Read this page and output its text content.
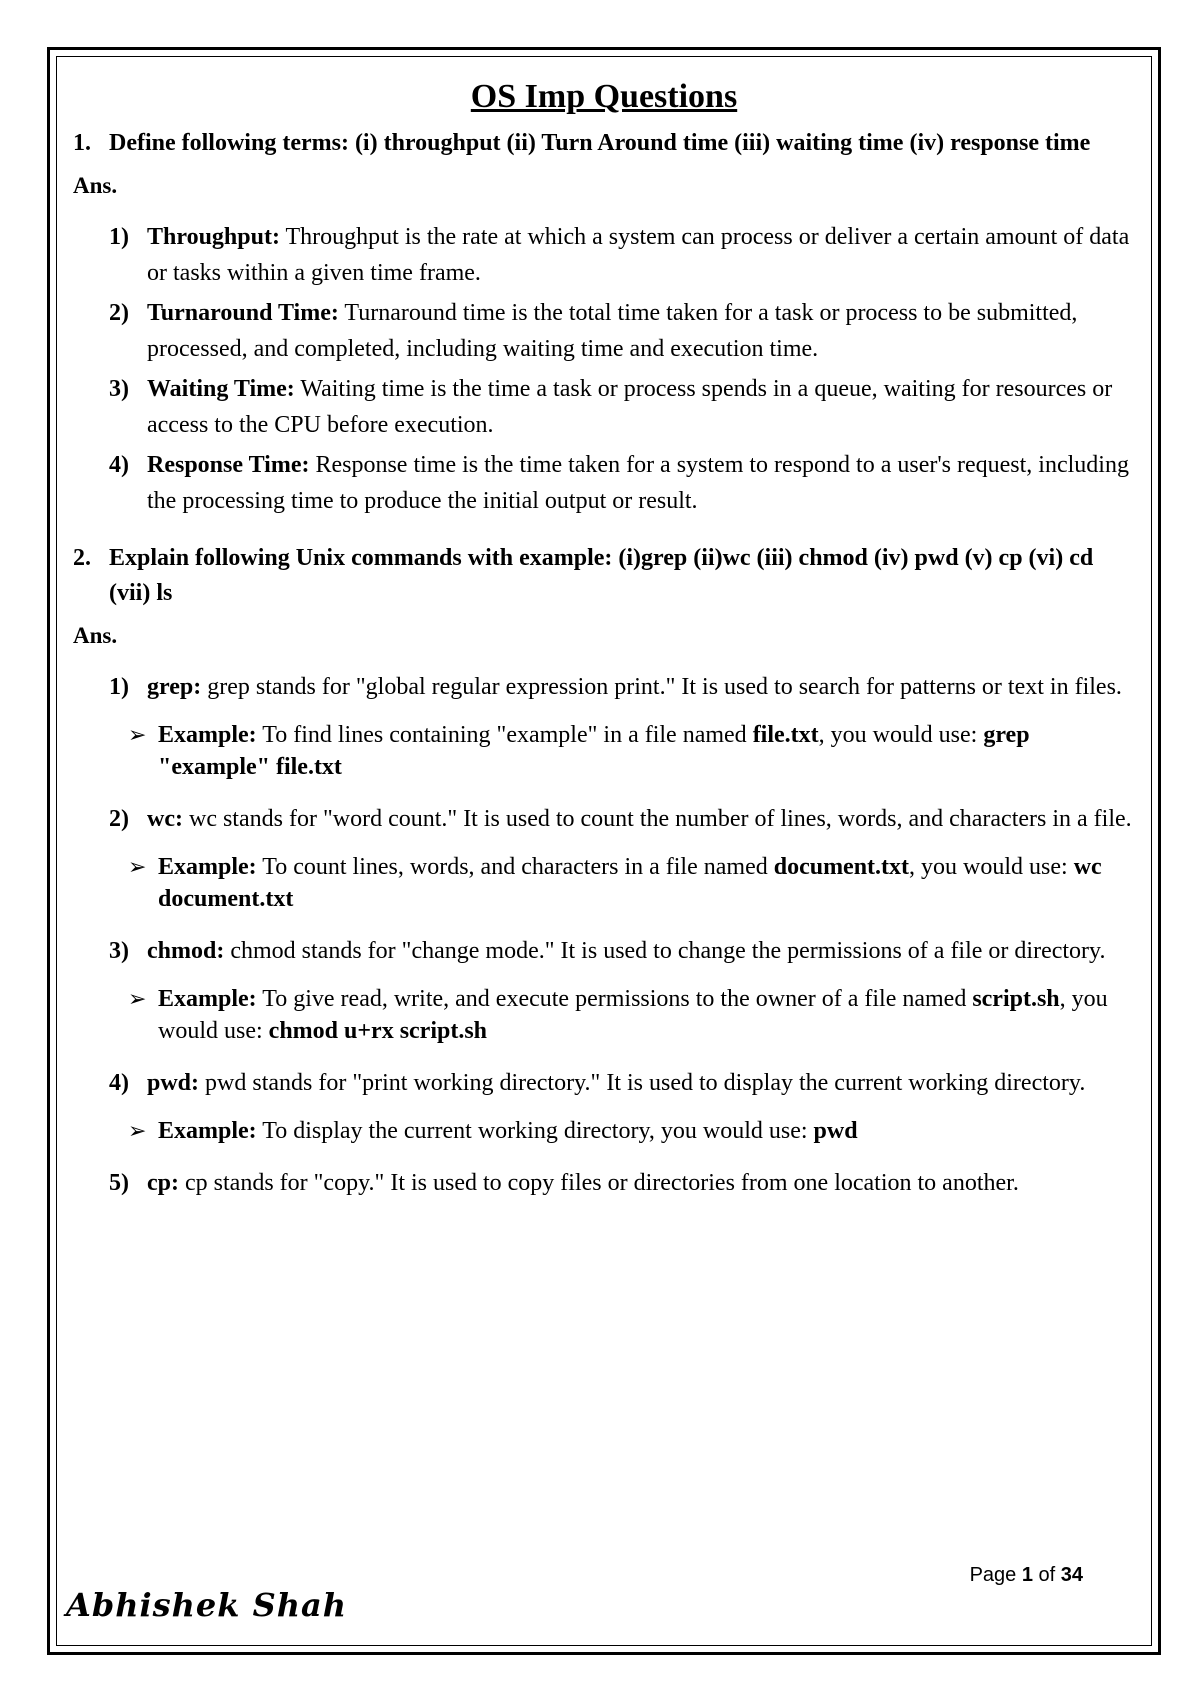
OS Imp Questions
1. Define following terms: (i) throughput (ii) Turn Around time (iii) waiting time (iv) response time
Ans.
1) Throughput: Throughput is the rate at which a system can process or deliver a certain amount of data or tasks within a given time frame.
2) Turnaround Time: Turnaround time is the total time taken for a task or process to be submitted, processed, and completed, including waiting time and execution time.
3) Waiting Time: Waiting time is the time a task or process spends in a queue, waiting for resources or access to the CPU before execution.
4) Response Time: Response time is the time taken for a system to respond to a user's request, including the processing time to produce the initial output or result.
2. Explain following Unix commands with example: (i)grep (ii)wc (iii) chmod (iv) pwd (v) cp (vi) cd (vii) ls
Ans.
1) grep: grep stands for "global regular expression print." It is used to search for patterns or text in files.
➢ Example: To find lines containing "example" in a file named file.txt, you would use: grep "example" file.txt
2) wc: wc stands for "word count." It is used to count the number of lines, words, and characters in a file.
➢ Example: To count lines, words, and characters in a file named document.txt, you would use: wc document.txt
3) chmod: chmod stands for "change mode." It is used to change the permissions of a file or directory.
➢ Example: To give read, write, and execute permissions to the owner of a file named script.sh, you would use: chmod u+rx script.sh
4) pwd: pwd stands for "print working directory." It is used to display the current working directory.
➢ Example: To display the current working directory, you would use: pwd
5) cp: cp stands for "copy." It is used to copy files or directories from one location to another.
Page 1 of 34
Abhishek Shah
